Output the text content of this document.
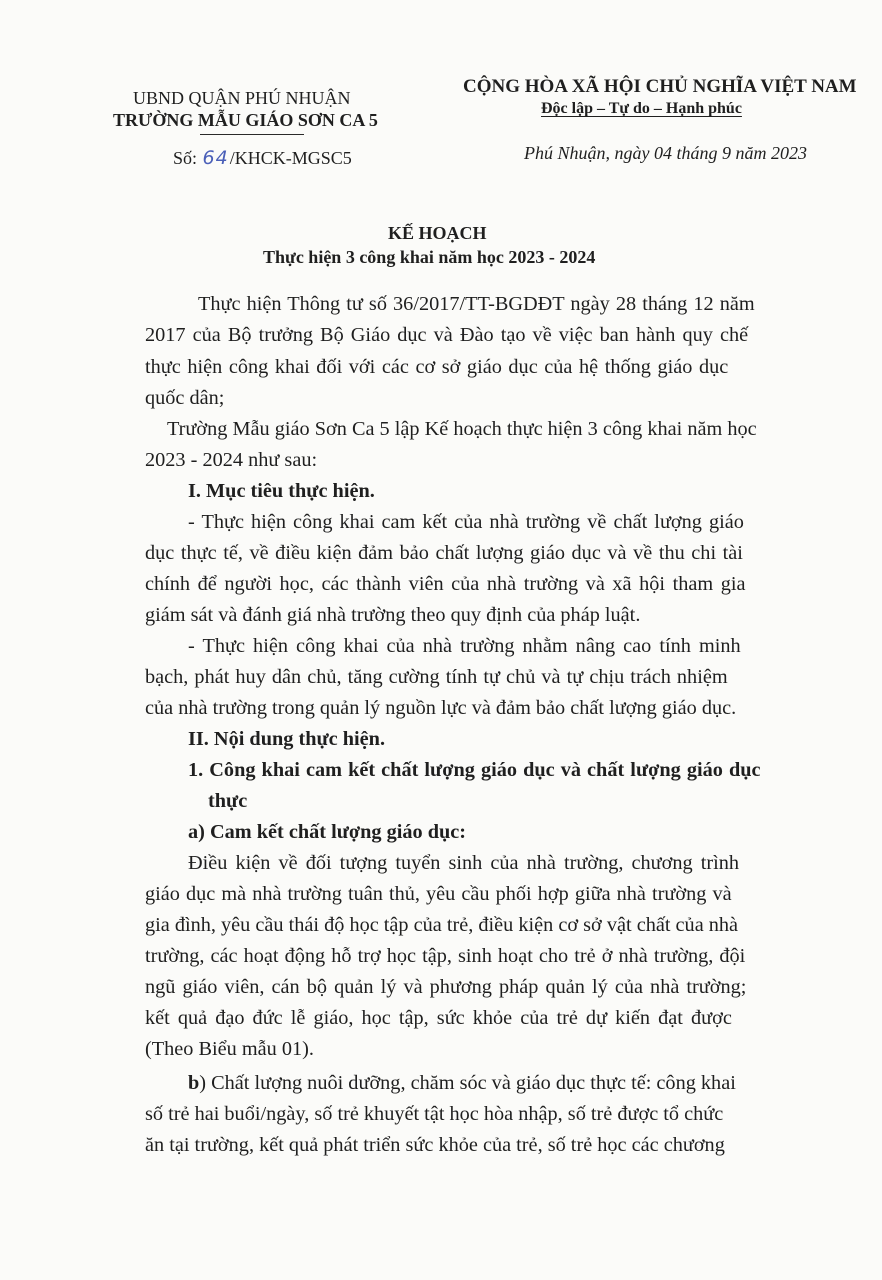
UBND QUẬN PHÚ NHUẬN
TRƯỜNG MẪU GIÁO SƠN CA 5
CỘNG HÒA XÃ HỘI CHỦ NGHĨA VIỆT NAM
Độc lập – Tự do – Hạnh phúc
Số:
64 /KHCK-MGSC5	Phú Nhuận, ngày 04 tháng 9 năm 2023
KẾ HOẠCH
Thực hiện 3 công khai năm học 2023 - 2024
Thực hiện Thông tư số 36/2017/TT-BGDĐT ngày 28 tháng 12 năm
2017 của Bộ trưởng Bộ Giáo dục và Đào tạo về việc ban hành quy chế
thực hiện công khai đối với các cơ sở giáo dục của hệ thống giáo dục
quốc dân;
Trường Mẫu giáo Sơn Ca 5 lập Kế hoạch thực hiện 3 công khai năm học
2023 - 2024 như sau:
I. Mục tiêu thực hiện.
- Thực hiện công khai cam kết của nhà trường về chất lượng giáo
dục thực tế, về điều kiện đảm bảo chất lượng giáo dục và về thu chi tài
chính để người học, các thành viên của nhà trường và xã hội tham gia
giám sát và đánh giá nhà trường theo quy định của pháp luật.
- Thực hiện công khai của nhà trường nhằm nâng cao tính minh
bạch, phát huy dân chủ, tăng cường tính tự chủ và tự chịu trách nhiệm
của nhà trường trong quản lý nguồn lực và đảm bảo chất lượng giáo dục.
II. Nội dung thực hiện.
1. Công khai cam kết chất lượng giáo dục và chất lượng giáo dục
thực
a) Cam kết chất lượng giáo dục:
Điều kiện về đối tượng tuyển sinh của nhà trường, chương trình
giáo dục mà nhà trường tuân thủ, yêu cầu phối hợp giữa nhà trường và
gia đình, yêu cầu thái độ học tập của trẻ, điều kiện cơ sở vật chất của nhà
trường, các hoạt động hỗ trợ học tập, sinh hoạt cho trẻ ở nhà trường, đội
ngũ giáo viên, cán bộ quản lý và phương pháp quản lý của nhà trường;
kết quả đạo đức lễ giáo, học tập, sức khỏe của trẻ dự kiến đạt được
(Theo Biểu mẫu 01).
b) Chất lượng nuôi dưỡng, chăm sóc và giáo dục thực tế: công khai
số trẻ hai buổi/ngày, số trẻ khuyết tật học hòa nhập, số trẻ được tổ chức
ăn tại trường, kết quả phát triển sức khỏe của trẻ, số trẻ học các chương
